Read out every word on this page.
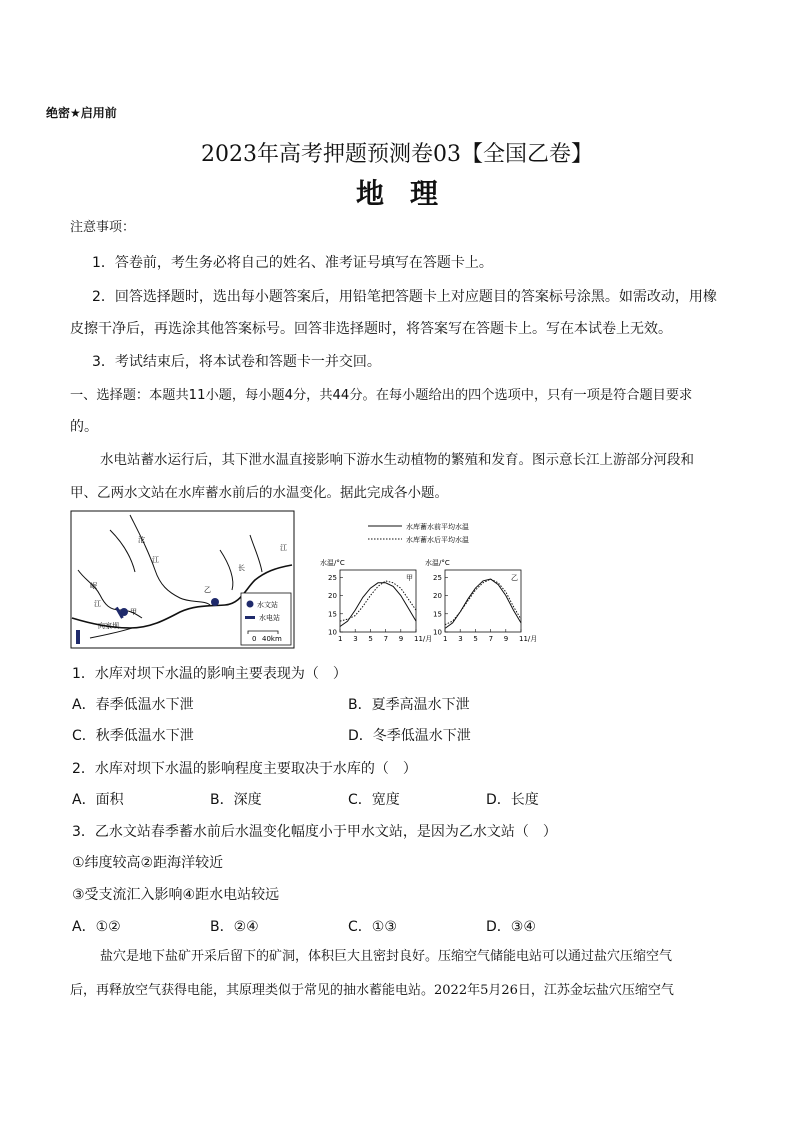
绝密★启用前
2023年高考押题预测卷03【全国乙卷】
地理
注意事项：
1．答卷前，考生务必将自己的姓名、准考证号填写在答题卡上。
2．回答选择题时，选出每小题答案后，用铅笔把答题卡上对应题目的答案标号涂黑。如需改动，用橡
皮擦干净后，再选涂其他答案标号。回答非选择题时，将答案写在答题卡上。写在本试卷上无效。
3．考试结束后，将本试卷和答题卡一并交回。
一、选择题：本题共11小题，每小题4分，共44分。在每小题给出的四个选项中，只有一项是符合题目要求
的。
水电站蓄水运行后，其下泄水温直接影响下游水生动植物的繁殖和发育。图示意长江上游部分河段和
甲、乙两水文站在水库蓄水前后的水温变化。据此完成各小题。
沱
江
岷
江
长
江
甲
乙
向家坝
水文站
水电站
0 40km
水库蓄水前平均水温
水库蓄水后平均水温
水温/°C
甲
10
15
20
25
1 3 5 7 9 11/月
水温/°C
乙
10
15
20
25
1 3 5 7 9 11/月
1．水库对坝下水温的影响主要表现为（　）
A．春季低温水下泄	B．夏季高温水下泄
C．秋季低温水下泄	D．冬季低温水下泄
2．水库对坝下水温的影响程度主要取决于水库的（　）
A．面积	B．深度	C．宽度	D．长度
3．乙水文站春季蓄水前后水温变化幅度小于甲水文站，是因为乙水文站（　）
①纬度较高②距海洋较近
③受支流汇入影响④距水电站较远
A．①②	B．②④	C．①③	D．③④
盐穴是地下盐矿开采后留下的矿洞，体积巨大且密封良好。压缩空气储能电站可以通过盐穴压缩空气
后，再释放空气获得电能，其原理类似于常见的抽水蓄能电站。2022年5月26日，江苏金坛盐穴压缩空气
